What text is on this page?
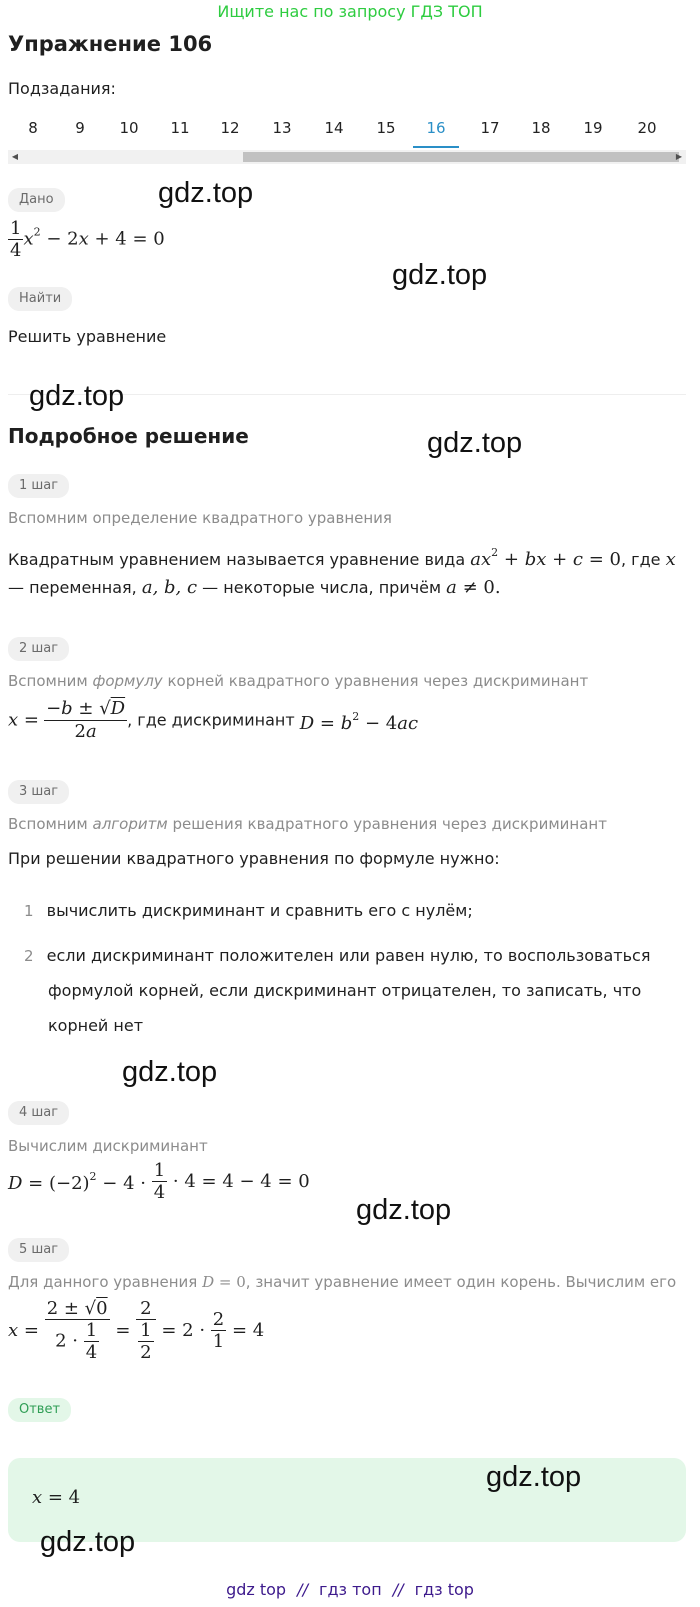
Ищите нас по запросу ГДЗ ТОП
Упражнение 106
Подзадания:
8	9	10	11	12	13	14	15	16	17	18	19	20
◀	▶
Дано
$\frac{1}{4} x^2 - 2x + 4 = 0$
Найти
Решить уравнение
Подробное решение
1 шаг
Вспомним определение квадратного уравнения
Квадратным уравнением называется уравнение вида $ax^2$ + bx + c = 0, где x
— переменная, a, b, c — некоторые числа, причём a ≠ 0.
2 шаг
Вспомним формулу корней квадратного уравнения через дискриминант
$x = \frac{-b \pm √D}{2a}$ , где дискриминант $D = b^2 - 4ac$
3 шаг
Вспомним алгоритм решения квадратного уравнения через дискриминант
При решении квадратного уравнения по формуле нужно:
1 вычислить дискриминант и сравнить его с нулём;
2 если дискриминант положителен или равен нулю, то воспользоваться
формулой корней, если дискриминант отрицателен, то записать, что
корней нет
4 шаг
Вычислим дискриминант
$D = (-2)^2 - 4 \cdot \frac{1}{4} \cdot 4 = 4 - 4 = 0$
5 шаг
Для данного уравнения D = 0, значит уравнение имеет один корень. Вычислим его
$x = \frac{2 \pm √0}{2 \cdot \frac{1}{4}} = \frac{2}{\frac{1}{2}} = 2 \cdot \frac{2}{1} = 4$
Ответ
x = 4
gdz.top
gdz.top
gdz.top
gdz.top
gdz.top
gdz.top
gdz.top
gdz.top
gdz top // гдз топ // гдз top
